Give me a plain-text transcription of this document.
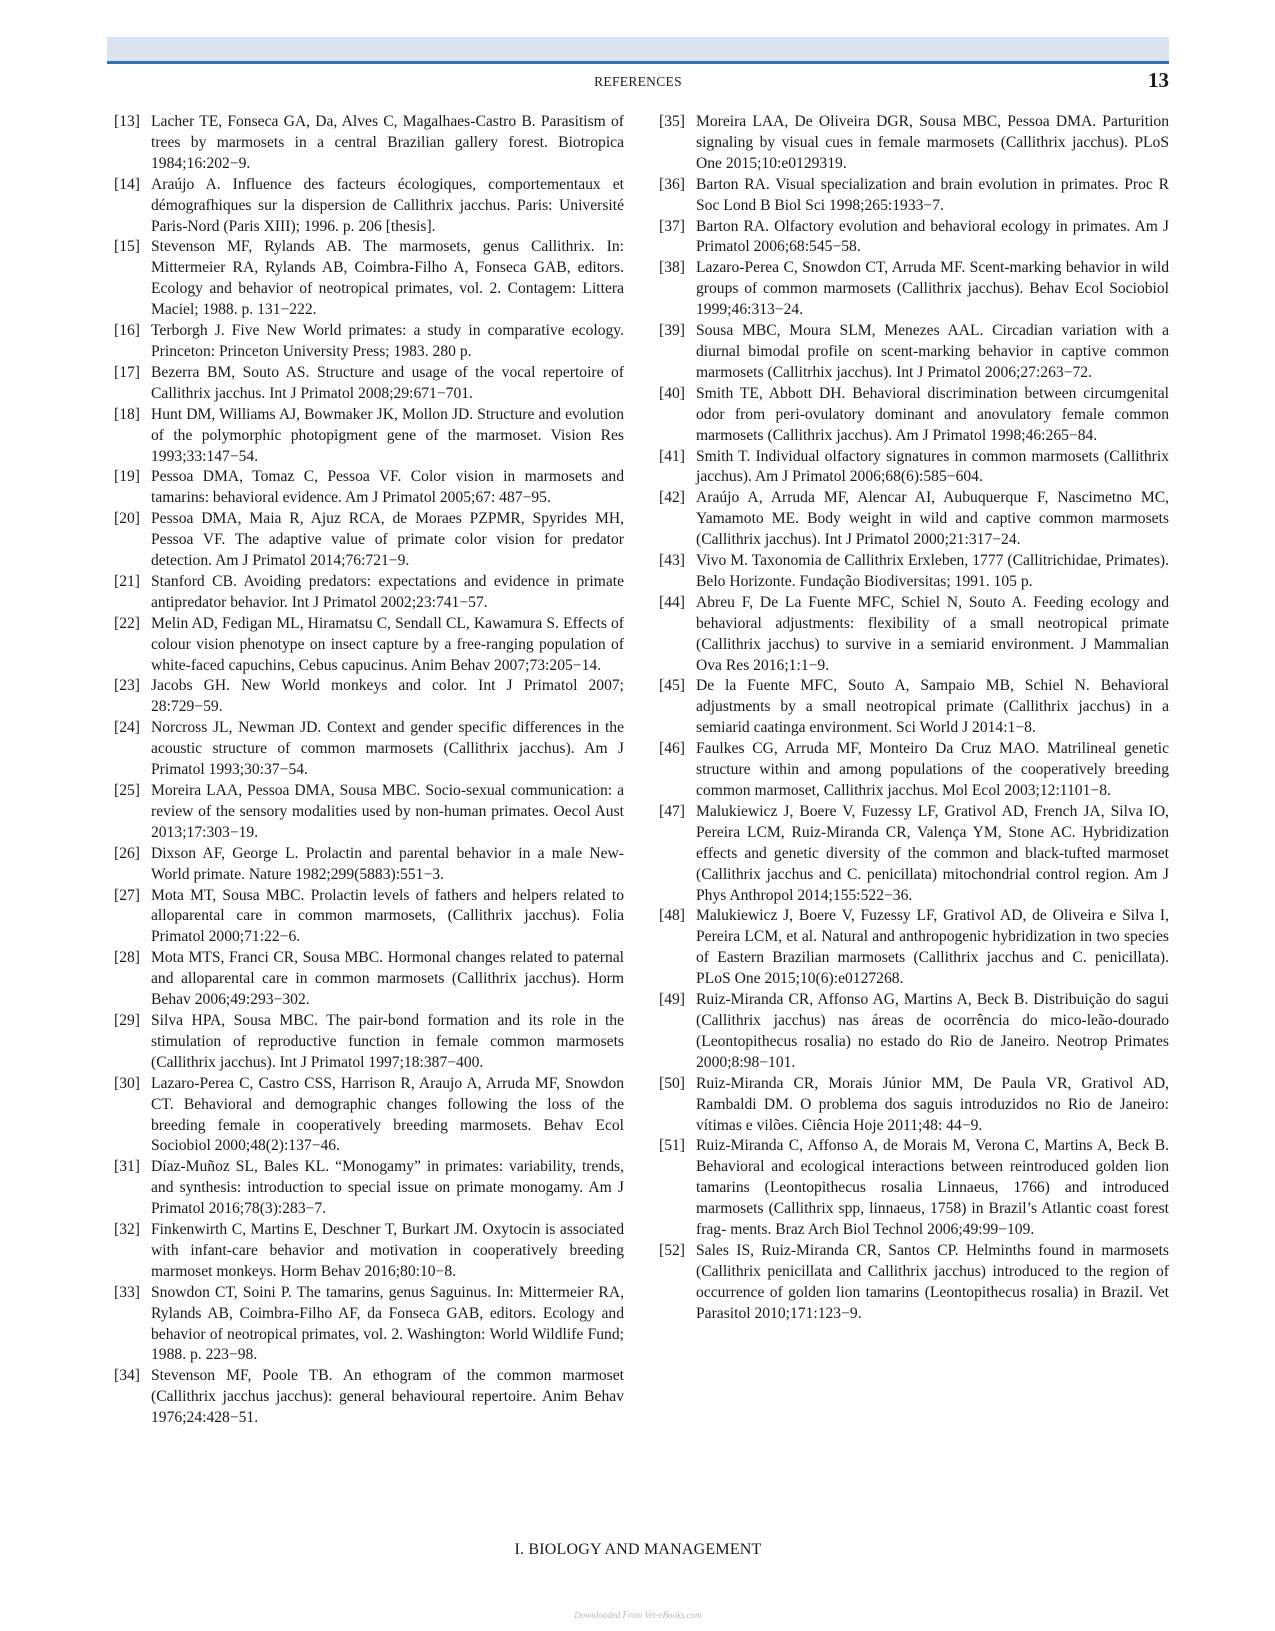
REFERENCES	13
[13] Lacher TE, Fonseca GA, Da, Alves C, Magalhaes-Castro B. Parasitism of trees by marmosets in a central Brazilian gallery forest. Biotropica 1984;16:202−9.
[14] Araújo A. Influence des facteurs écologiques, comportementaux et démografhiques sur la dispersion de Callithrix jacchus. Paris: Université Paris-Nord (Paris XIII); 1996. p. 206 [thesis].
[15] Stevenson MF, Rylands AB. The marmosets, genus Callithrix. In: Mittermeier RA, Rylands AB, Coimbra-Filho A, Fonseca GAB, editors. Ecology and behavior of neotropical primates, vol. 2. Contagem: Littera Maciel; 1988. p. 131−222.
[16] Terborgh J. Five New World primates: a study in comparative ecology. Princeton: Princeton University Press; 1983. 280 p.
[17] Bezerra BM, Souto AS. Structure and usage of the vocal repertoire of Callithrix jacchus. Int J Primatol 2008;29:671−701.
[18] Hunt DM, Williams AJ, Bowmaker JK, Mollon JD. Structure and evolution of the polymorphic photopigment gene of the marmoset. Vision Res 1993;33:147−54.
[19] Pessoa DMA, Tomaz C, Pessoa VF. Color vision in marmosets and tamarins: behavioral evidence. Am J Primatol 2005;67: 487−95.
[20] Pessoa DMA, Maia R, Ajuz RCA, de Moraes PZPMR, Spyrides MH, Pessoa VF. The adaptive value of primate color vision for predator detection. Am J Primatol 2014;76:721−9.
[21] Stanford CB. Avoiding predators: expectations and evidence in primate antipredator behavior. Int J Primatol 2002;23:741−57.
[22] Melin AD, Fedigan ML, Hiramatsu C, Sendall CL, Kawamura S. Effects of colour vision phenotype on insect capture by a free-ranging population of white-faced capuchins, Cebus capucinus. Anim Behav 2007;73:205−14.
[23] Jacobs GH. New World monkeys and color. Int J Primatol 2007; 28:729−59.
[24] Norcross JL, Newman JD. Context and gender specific differences in the acoustic structure of common marmosets (Callithrix jacchus). Am J Primatol 1993;30:37−54.
[25] Moreira LAA, Pessoa DMA, Sousa MBC. Socio-sexual communication: a review of the sensory modalities used by non-human primates. Oecol Aust 2013;17:303−19.
[26] Dixson AF, George L. Prolactin and parental behavior in a male New-World primate. Nature 1982;299(5883):551−3.
[27] Mota MT, Sousa MBC. Prolactin levels of fathers and helpers related to alloparental care in common marmosets, (Callithrix jacchus). Folia Primatol 2000;71:22−6.
[28] Mota MTS, Franci CR, Sousa MBC. Hormonal changes related to paternal and alloparental care in common marmosets (Callithrix jacchus). Horm Behav 2006;49:293−302.
[29] Silva HPA, Sousa MBC. The pair-bond formation and its role in the stimulation of reproductive function in female common marmosets (Callithrix jacchus). Int J Primatol 1997;18:387−400.
[30] Lazaro-Perea C, Castro CSS, Harrison R, Araujo A, Arruda MF, Snowdon CT. Behavioral and demographic changes following the loss of the breeding female in cooperatively breeding marmosets. Behav Ecol Sociobiol 2000;48(2):137−46.
[31] Díaz-Muñoz SL, Bales KL. “Monogamy” in primates: variability, trends, and synthesis: introduction to special issue on primate monogamy. Am J Primatol 2016;78(3):283−7.
[32] Finkenwirth C, Martins E, Deschner T, Burkart JM. Oxytocin is associated with infant-care behavior and motivation in cooperatively breeding marmoset monkeys. Horm Behav 2016;80:10−8.
[33] Snowdon CT, Soini P. The tamarins, genus Saguinus. In: Mittermeier RA, Rylands AB, Coimbra-Filho AF, da Fonseca GAB, editors. Ecology and behavior of neotropical primates, vol. 2. Washington: World Wildlife Fund; 1988. p. 223−98.
[34] Stevenson MF, Poole TB. An ethogram of the common marmoset (Callithrix jacchus jacchus): general behavioural repertoire. Anim Behav 1976;24:428−51.
[35] Moreira LAA, De Oliveira DGR, Sousa MBC, Pessoa DMA. Parturition signaling by visual cues in female marmosets (Callithrix jacchus). PLoS One 2015;10:e0129319.
[36] Barton RA. Visual specialization and brain evolution in primates. Proc R Soc Lond B Biol Sci 1998;265:1933−7.
[37] Barton RA. Olfactory evolution and behavioral ecology in primates. Am J Primatol 2006;68:545−58.
[38] Lazaro-Perea C, Snowdon CT, Arruda MF. Scent-marking behavior in wild groups of common marmosets (Callithrix jacchus). Behav Ecol Sociobiol 1999;46:313−24.
[39] Sousa MBC, Moura SLM, Menezes AAL. Circadian variation with a diurnal bimodal profile on scent-marking behavior in captive common marmosets (Callitrhix jacchus). Int J Primatol 2006;27:263−72.
[40] Smith TE, Abbott DH. Behavioral discrimination between circumgenital odor from peri-ovulatory dominant and anovulatory female common marmosets (Callithrix jacchus). Am J Primatol 1998;46:265−84.
[41] Smith T. Individual olfactory signatures in common marmosets (Callithrix jacchus). Am J Primatol 2006;68(6):585−604.
[42] Araújo A, Arruda MF, Alencar AI, Aubuquerque F, Nascimetno MC, Yamamoto ME. Body weight in wild and captive common marmosets (Callithrix jacchus). Int J Primatol 2000;21:317−24.
[43] Vivo M. Taxonomia de Callithrix Erxleben, 1777 (Callitrichidae, Primates). Belo Horizonte. Fundação Biodiversitas; 1991. 105 p.
[44] Abreu F, De La Fuente MFC, Schiel N, Souto A. Feeding ecology and behavioral adjustments: flexibility of a small neotropical primate (Callithrix jacchus) to survive in a semiarid environment. J Mammalian Ova Res 2016;1:1−9.
[45] De la Fuente MFC, Souto A, Sampaio MB, Schiel N. Behavioral adjustments by a small neotropical primate (Callithrix jacchus) in a semiarid caatinga environment. Sci World J 2014:1−8.
[46] Faulkes CG, Arruda MF, Monteiro Da Cruz MAO. Matrilineal genetic structure within and among populations of the cooperatively breeding common marmoset, Callithrix jacchus. Mol Ecol 2003;12:1101−8.
[47] Malukiewicz J, Boere V, Fuzessy LF, Grativol AD, French JA, Silva IO, Pereira LCM, Ruiz-Miranda CR, Valença YM, Stone AC. Hybridization effects and genetic diversity of the common and black-tufted marmoset (Callithrix jacchus and C. penicillata) mitochondrial control region. Am J Phys Anthropol 2014;155:522−36.
[48] Malukiewicz J, Boere V, Fuzessy LF, Grativol AD, de Oliveira e Silva I, Pereira LCM, et al. Natural and anthropogenic hybridization in two species of Eastern Brazilian marmosets (Callithrix jacchus and C. penicillata). PLoS One 2015;10(6):e0127268.
[49] Ruiz-Miranda CR, Affonso AG, Martins A, Beck B. Distribuição do sagui (Callithrix jacchus) nas áreas de ocorrência do mico-leão-dourado (Leontopithecus rosalia) no estado do Rio de Janeiro. Neotrop Primates 2000;8:98−101.
[50] Ruiz-Miranda CR, Morais Júnior MM, De Paula VR, Grativol AD, Rambaldi DM. O problema dos saguis introduzidos no Rio de Janeiro: vítimas e vilões. Ciência Hoje 2011;48: 44−9.
[51] Ruiz-Miranda C, Affonso A, de Morais M, Verona C, Martins A, Beck B. Behavioral and ecological interactions between reintroduced golden lion tamarins (Leontopithecus rosalia Linnaeus, 1766) and introduced marmosets (Callithrix spp, linnaeus, 1758) in Brazil’s Atlantic coast forest frag- ments. Braz Arch Biol Technol 2006;49:99−109.
[52] Sales IS, Ruiz-Miranda CR, Santos CP. Helminths found in marmosets (Callithrix penicillata and Callithrix jacchus) introduced to the region of occurrence of golden lion tamarins (Leontopithecus rosalia) in Brazil. Vet Parasitol 2010;171:123−9.
I. BIOLOGY AND MANAGEMENT
Downloaded From Vet-eBooks.com
